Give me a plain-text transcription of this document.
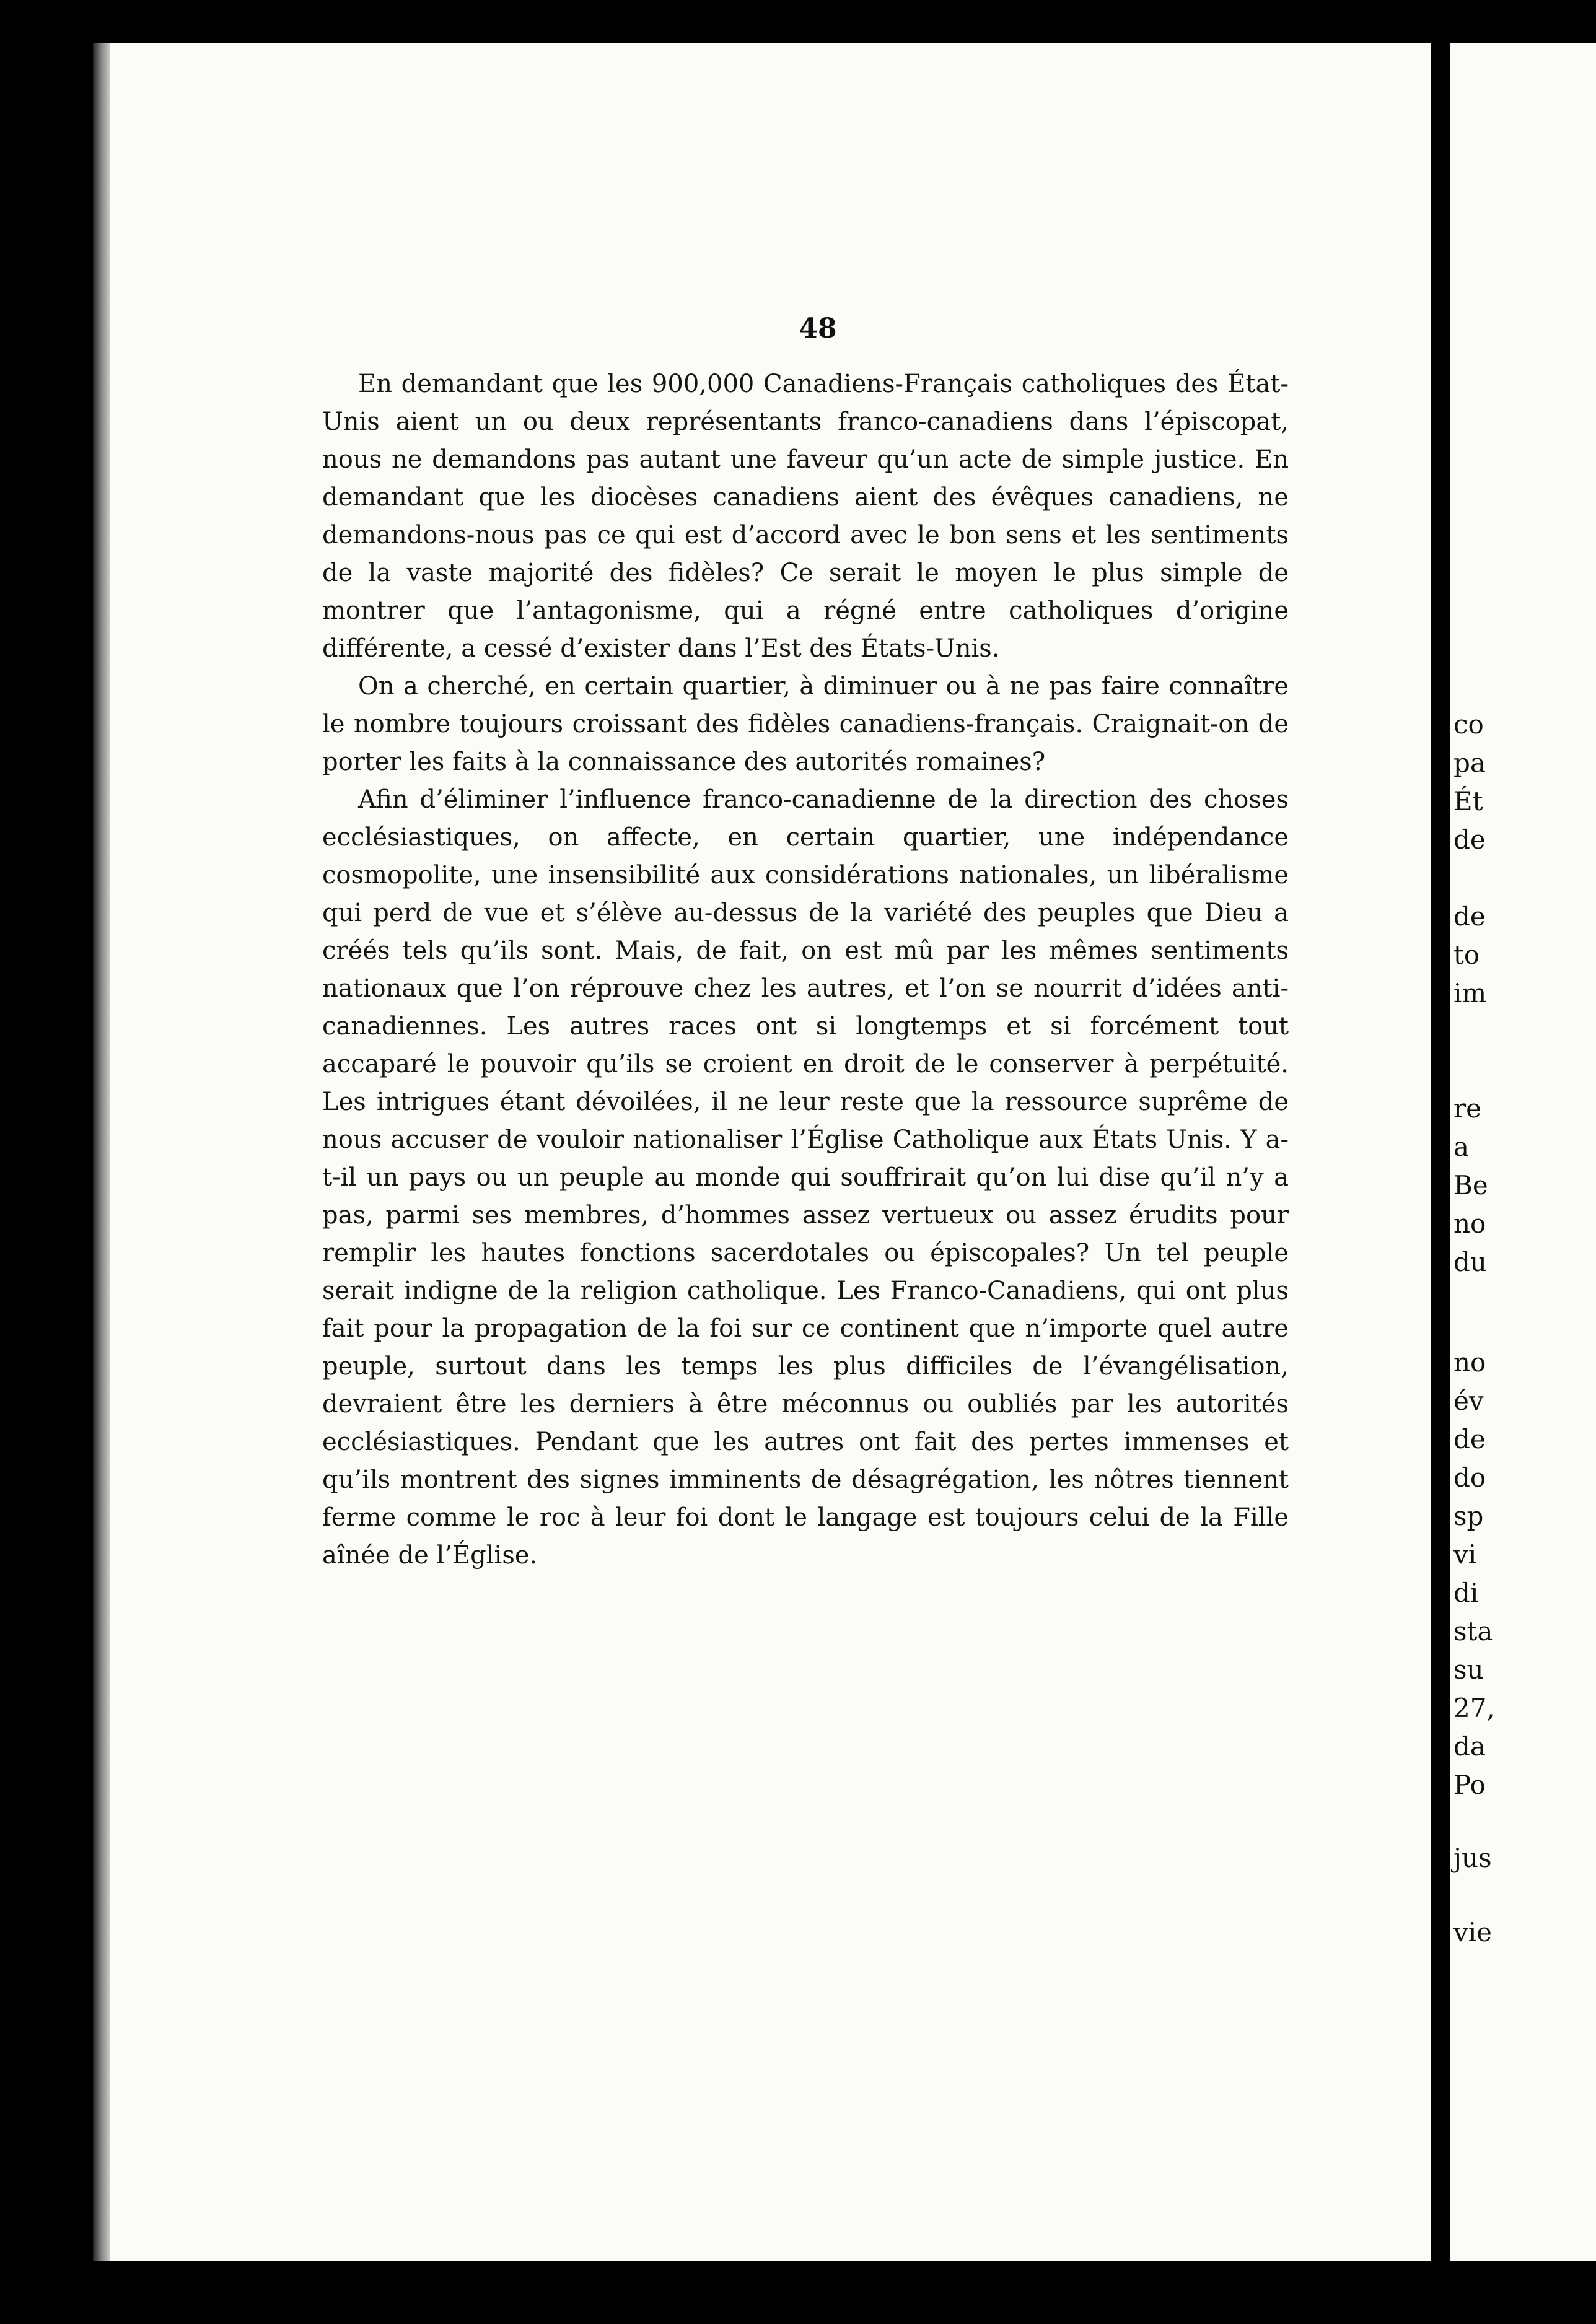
48

En demandant que les 900,000 Canadiens-Français catholiques des État-Unis aient un ou deux représentants franco-canadiens dans l’épiscopat, nous ne demandons pas autant une faveur qu’un acte de simple justice. En demandant que les diocèses canadiens aient des évêques canadiens, ne demandons-nous pas ce qui est d’accord avec le bon sens et les sentiments de la vaste majorité des fidèles? Ce serait le moyen le plus simple de montrer que l’antagonisme, qui a régné entre catholiques d’origine différente, a cessé d’exister dans l’Est des États-Unis.

On a cherché, en certain quartier, à diminuer ou à ne pas faire connaître le nombre toujours croissant des fidèles canadiens-français. Craignait-on de porter les faits à la connaissance des autorités romaines?

Afin d’éliminer l’influence franco-canadienne de la direction des choses ecclésiastiques, on affecte, en certain quartier, une indépendance cosmopolite, une insensibilité aux considérations nationales, un libéralisme qui perd de vue et s’élève au-dessus de la variété des peuples que Dieu a créés tels qu’ils sont. Mais, de fait, on est mû par les mêmes sentiments nationaux que l’on réprouve chez les autres, et l’on se nourrit d’idées anti-canadiennes. Les autres races ont si longtemps et si forcément tout accaparé le pouvoir qu’ils se croient en droit de le conserver à perpétuité. Les intrigues étant dévoilées, il ne leur reste que la ressource suprême de nous accuser de vouloir nationaliser l’Église Catholique aux États Unis. Y a-t-il un pays ou un peuple au monde qui souffrirait qu’on lui dise qu’il n’y a pas, parmi ses membres, d’hommes assez vertueux ou assez érudits pour remplir les hautes fonctions sacerdotales ou épiscopales? Un tel peuple serait indigne de la religion catholique. Les Franco-Canadiens, qui ont plus fait pour la propagation de la foi sur ce continent que n’importe quel autre peuple, surtout dans les temps les plus difficiles de l’évangélisation, devraient être les derniers à être méconnus ou oubliés par les autorités ecclésiastiques. Pendant que les autres ont fait des pertes immenses et qu’ils montrent des signes imminents de désagrégation, les nôtres tiennent ferme comme le roc à leur foi dont le langage est toujours celui de la Fille aînée de l’Église.

co
pa
Ét
de
de
to
im
re
a
Be
no
du
no
év
de
do
sp
vi
di
sta
su
27,
da
Po
jus
vie
